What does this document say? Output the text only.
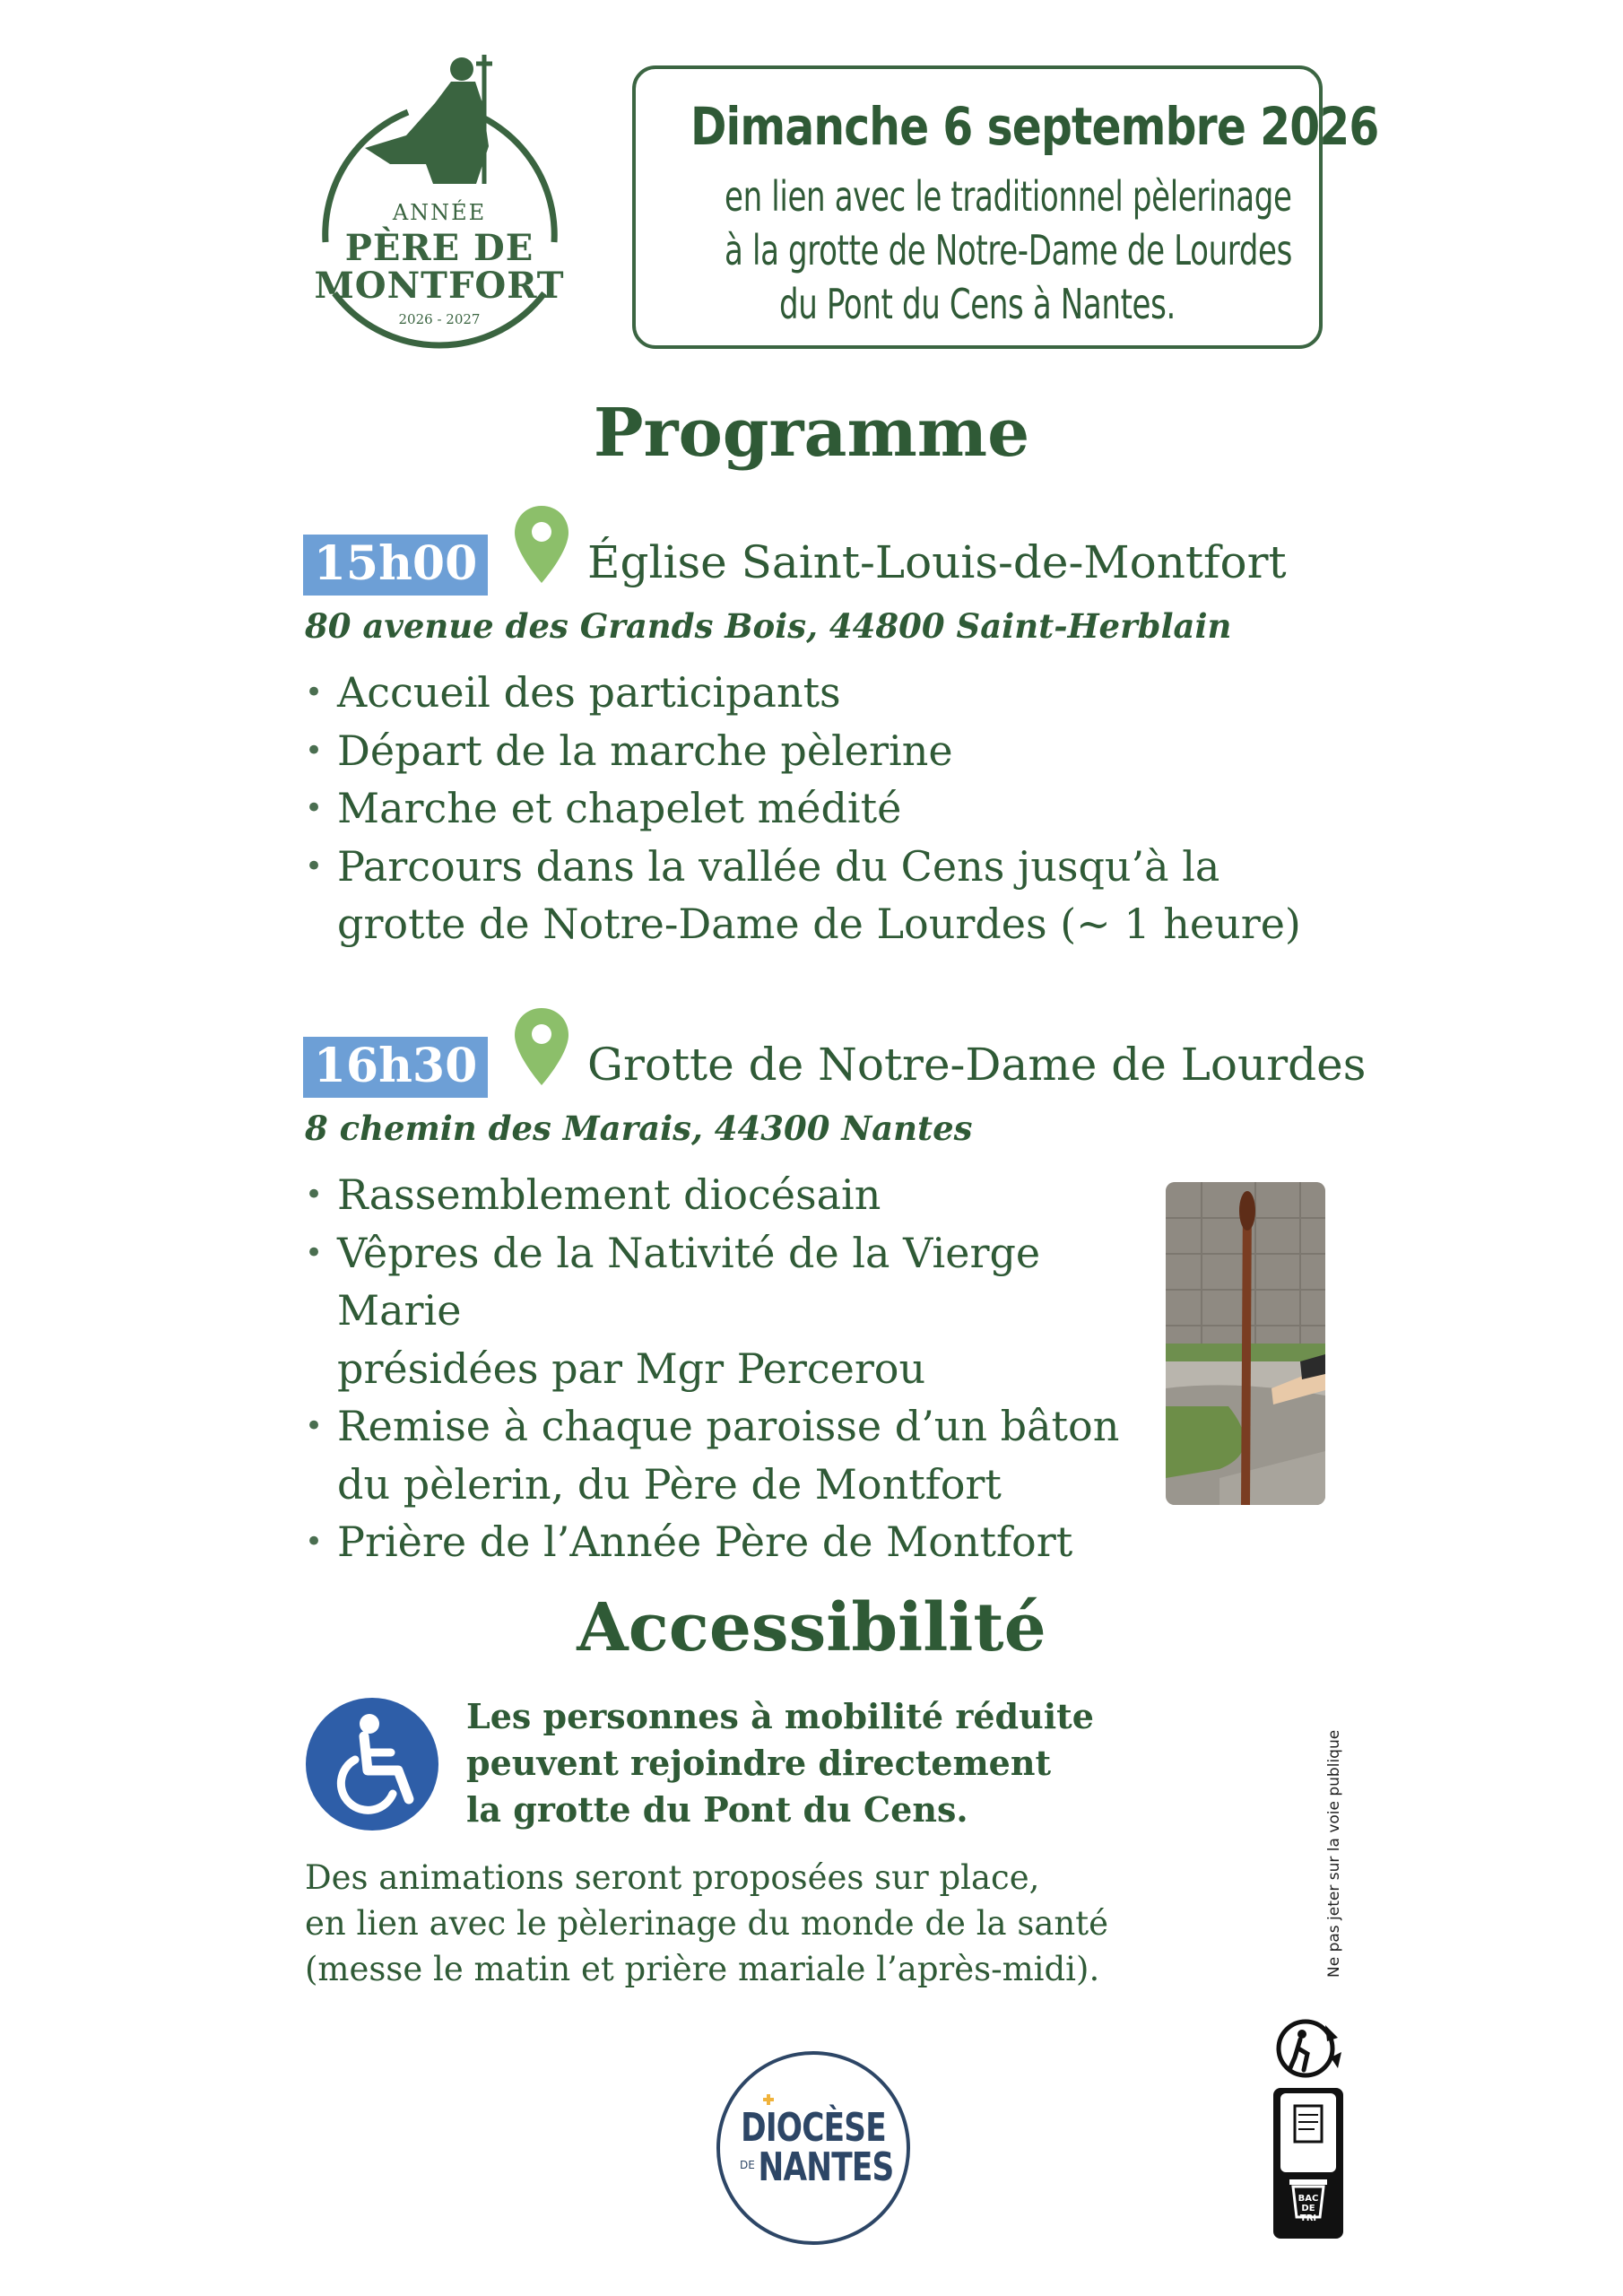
ANNÉE
PÈRE DE
MONTFORT
2026 - 2027
Dimanche 6 septembre 2026
en lien avec le traditionnel pèlerinage
à la grotte de Notre-Dame de Lourdes
du Pont du Cens à Nantes.
Programme
15h00 Église Saint-Louis-de-Montfort
80 avenue des Grands Bois, 44800 Saint-Herblain
• Accueil des participants
• Départ de la marche pèlerine
• Marche et chapelet médité
• Parcours dans la vallée du Cens jusqu’à la
grotte de Notre-Dame de Lourdes (~ 1 heure)
16h30 Grotte de Notre-Dame de Lourdes
8 chemin des Marais, 44300 Nantes
• Rassemblement diocésain
• Vêpres de la Nativité de la Vierge Marie
présidées par Mgr Percerou
• Remise à chaque paroisse d’un bâton
du pèlerin, du Père de Montfort
• Prière de l’Année Père de Montfort
Accessibilité
Les personnes à mobilité réduite
peuvent rejoindre directement
la grotte du Pont du Cens.
Des animations seront proposées sur place,
en lien avec le pèlerinage du monde de la santé
(messe le matin et prière mariale l’après-midi).
DIOCÈSE
DE NANTES
Ne pas jeter sur la voie publique
BAC
DE
TRI
